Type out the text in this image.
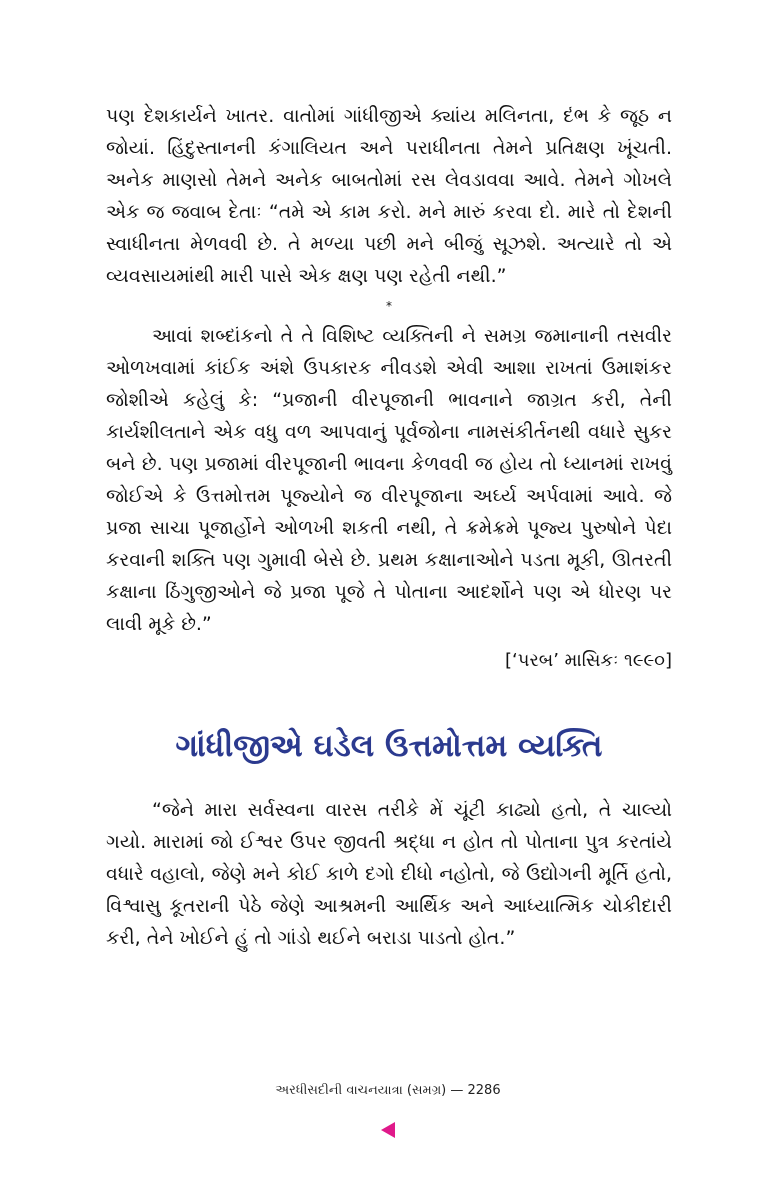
પણ દેશકાર્યને ખાતર. વાતોમાં ગાંધીજીએ ક્યાંય મલિનતા, દંભ કે જૂઠ ન જોયાં. હિંદુસ્તાનની કંગાલિયત અને પરાધીનતા તેમને પ્રતિક્ષણ ખૂંચતી. અનેક માણસો તેમને અનેક બાબતોમાં રસ લેવડાવવા આવે. તેમને ગોખલે એક જ જવાબ દેતાઃ “તમે એ કામ કરો. મને મારું કરવા દો. મારે તો દેશની સ્વાધીનતા મેળવવી છે. તે મળ્યા પછી મને બીજું સૂઝશે. અત્યારે તો એ વ્યવસાયમાંથી મારી પાસે એક ક્ષણ પણ રહેતી નથી.”

*

આવાં શબ્દાંકનો તે તે વિશિષ્ટ વ્યક્તિની ને સમગ્ર જમાનાની તસવીર ઓળખવામાં કાંઈક અંશે ઉપકારક નીવડશે એવી આશા રાખતાં ઉમાશંકર જોશીએ કહેલું કે: “પ્રજાની વીરપૂજાની ભાવનાને જાગ્રત કરી, તેની કાર્યશીલતાને એક વધુ વળ આપવાનું પૂર્વજોના નામસંકીર્તનથી વધારે સુકર બને છે. પણ પ્રજામાં વીરપૂજાની ભાવના કેળવવી જ હોય તો ધ્યાનમાં રાખવું જોઈએ કે ઉત્તમોત્તમ પૂજ્યોને જ વીરપૂજાના અર્ઘ્ય અર્પવામાં આવે. જે પ્રજા સાચા પૂજાર્હોને ઓળખી શકતી નથી, તે ક્રમેક્રમે પૂજ્ય પુરુષોને પેદા કરવાની શક્તિ પણ ગુમાવી બેસે છે. પ્રથમ કક્ષાનાઓને પડતા મૂકી, ઊતરતી કક્ષાના ઠિંગુજીઓને જે પ્રજા પૂજે તે પોતાના આદર્શોને પણ એ ધોરણ પર લાવી મૂકે છે.”

[‘પરબ’ માસિકઃ ૧૯૯૦]
ગાંધીજીએ ઘડેલ ઉત્તમોત્તમ વ્યક્તિ

“જેને મારા સર્વસ્વના વારસ તરીકે મેં ચૂંટી કાઢ્યો હતો, તે ચાલ્યો ગયો. મારામાં જો ઈશ્વર ઉપર જીવતી શ્રદ્ધા ન હોત તો પોતાના પુત્ર કરતાંયે વધારે વહાલો, જેણે મને કોઈ કાળે દગો દીધો નહોતો, જે ઉદ્યોગની મૂર્તિ હતો, વિશ્વાસુ કૂતરાની પેઠે જેણે આશ્રમની આર્થિક અને આધ્યાત્મિક ચોકીદારી કરી, તેને ખોઈને હું તો ગાંડો થઈને બરાડા પાડતો હોત.”

અરધીસદીની વાચનયાત્રા (સમગ્ર) — 2286
